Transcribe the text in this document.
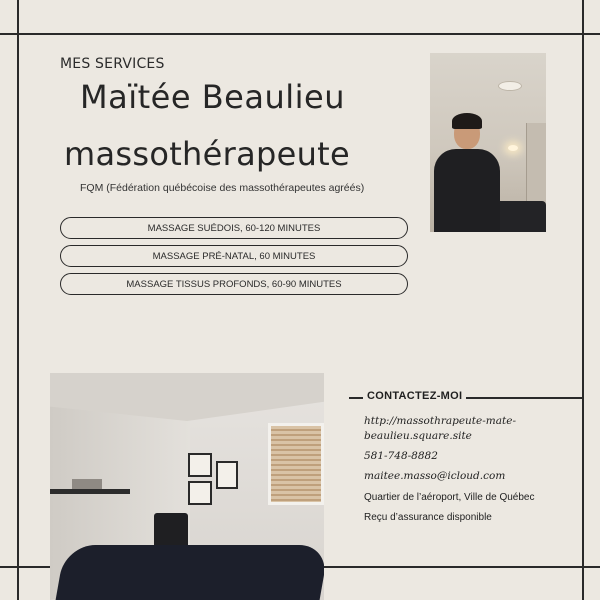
MES SERVICES
Maïtée Beaulieu
massothérapeute
FQM (Fédération québécoise des massothérapeutes agréés)
MASSAGE SUÉDOIS, 60-120 MINUTES
MASSAGE PRÉ-NATAL, 60 MINUTES
MASSAGE TISSUS PROFONDS, 60-90 MINUTES
CONTACTEZ-MOI
http://massothrapeute-mate-beaulieu.square.site
581-748-8882
maitee.masso@icloud.com
Quartier de l’aéroport, Ville de Québec
Reçu d’assurance disponible
